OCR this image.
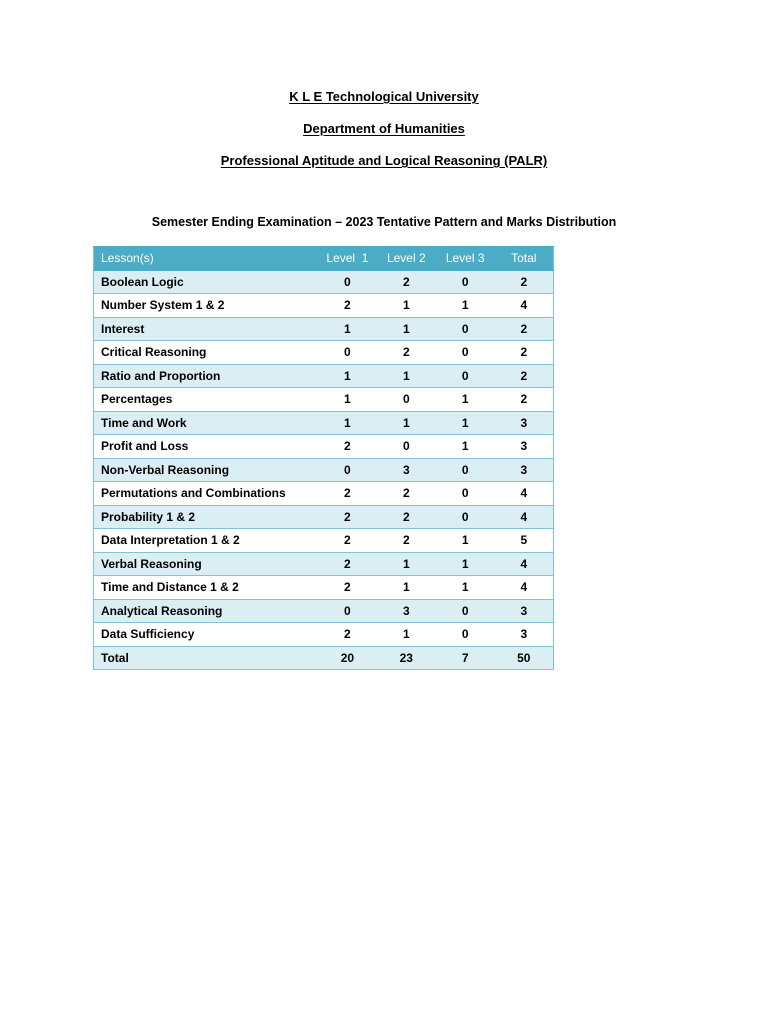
K L E Technological University
Department of Humanities
Professional Aptitude and Logical Reasoning (PALR)
Semester Ending Examination – 2023 Tentative Pattern and Marks Distribution
Lesson(s)	Level  1	Level 2	Level 3	Total
Boolean Logic	0	2	0	2
Number System 1 & 2	2	1	1	4
Interest	1	1	0	2
Critical Reasoning	0	2	0	2
Ratio and Proportion	1	1	0	2
Percentages	1	0	1	2
Time and Work	1	1	1	3
Profit and Loss	2	0	1	3
Non-Verbal Reasoning	0	3	0	3
Permutations and Combinations	2	2	0	4
Probability 1 & 2	2	2	0	4
Data Interpretation 1 & 2	2	2	1	5
Verbal Reasoning	2	1	1	4
Time and Distance 1 & 2	2	1	1	4
Analytical Reasoning	0	3	0	3
Data Sufficiency	2	1	0	3
Total	20	23	7	50
